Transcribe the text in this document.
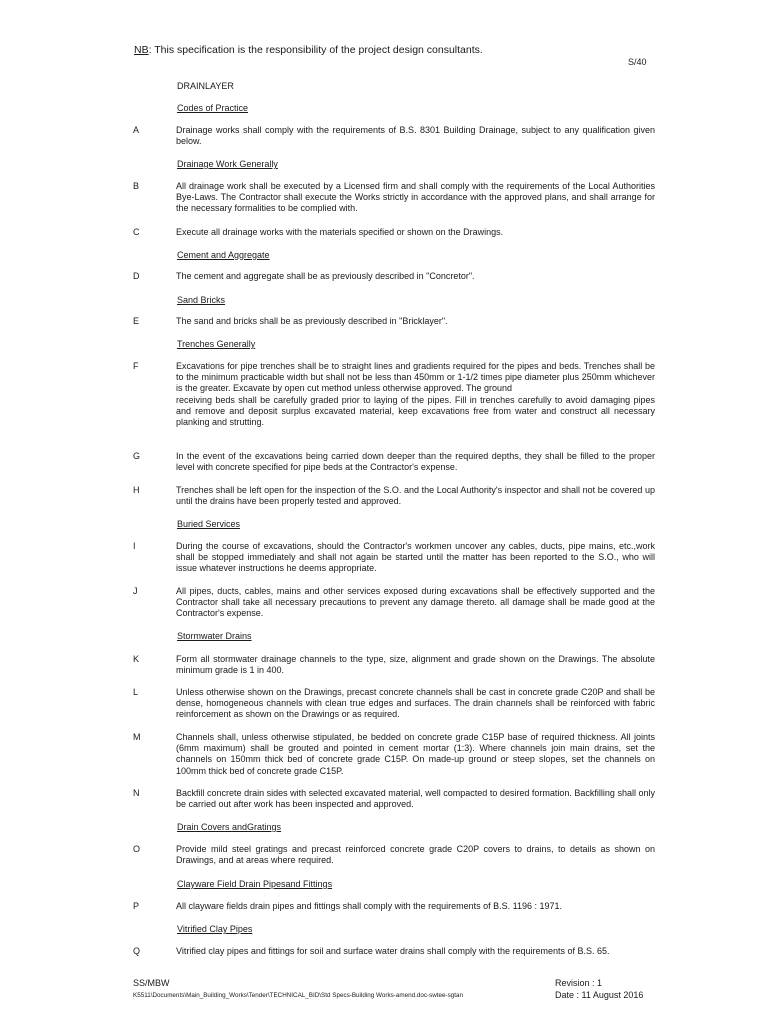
NB: This specification is the responsibility of the project design consultants.
S/40
DRAINLAYER
Codes of Practice
A	Drainage works shall comply with the requirements of B.S. 8301 Building Drainage, subject to any qualification given below.
Drainage Work Generally
B	All drainage work shall be executed by a Licensed firm and shall comply with the requirements of the Local Authorities Bye-Laws. The Contractor shall execute the Works strictly in accordance with the approved plans, and shall arrange for the necessary formalities to be complied with.
C	Execute all drainage works with the materials specified or shown on the Drawings.
Cement and Aggregate
D	The cement and aggregate shall be as previously described in "Concretor".
Sand Bricks
E	The sand and bricks shall be as previously described in "Bricklayer".
Trenches Generally
F	Excavations for pipe trenches shall be to straight lines and gradients required for the pipes and beds. Trenches shall be to the minimum practicable width but shall not be less than 450mm or 1-1/2 times pipe diameter plus 250mm whichever is the greater. Excavate by open cut method unless otherwise approved. The ground
receiving beds shall be carefully graded prior to laying of the pipes. Fill in trenches carefully to avoid damaging pipes and remove and deposit surplus excavated material, keep excavations free from water and construct all necessary planking and strutting.
G	In the event of the excavations being carried down deeper than the required depths, they shall be filled to the proper level with concrete specified for pipe beds at the Contractor's expense.
H	Trenches shall be left open for the inspection of the S.O. and the Local Authority's inspector and shall not be covered up until the drains have been properly tested and approved.
Buried Services
I	During the course of excavations, should the Contractor's workmen uncover any cables, ducts, pipe mains, etc.,work shall be stopped immediately and shall not again be started until the matter has been reported to the S.O., who will issue whatever instructions he deems appropriate.
J	All pipes, ducts, cables, mains and other services exposed during excavations shall be effectively supported and the Contractor shall take all necessary precautions to prevent any damage thereto. all damage shall be made good at the Contractor's expense.
Stormwater Drains
K	Form all stormwater drainage channels to the type, size, alignment and grade shown on the Drawings. The absolute minimum grade is 1 in 400.
L	Unless otherwise shown on the Drawings, precast concrete channels shall be cast in concrete grade C20P and shall be dense, homogeneous channels with clean true edges and surfaces. The drain channels shall be reinforced with fabric reinforcement as shown on the Drawings or as required.
M	Channels shall, unless otherwise stipulated, be bedded on concrete grade C15P base of required thickness. All joints (6mm maximum) shall be grouted and pointed in cement mortar (1:3). Where channels join main drains, set the channels on 150mm thick bed of concrete grade C15P. On made-up ground or steep slopes, set the channels on 100mm thick bed of concrete grade C15P.
N	Backfill concrete drain sides with selected excavated material, well compacted to desired formation. Backfilling shall only be carried out after work has been inspected and approved.
Drain Covers andGratings
O	Provide mild steel gratings and precast reinforced concrete grade C20P covers to drains, to details as shown on Drawings, and at areas where required.
Clayware Field Drain Pipesand Fittings
P	All clayware fields drain pipes and fittings shall comply with the requirements of B.S. 1196 : 1971.
Vitrified Clay Pipes
Q	Vitrified clay pipes and fittings for soil and surface water drains shall comply with the requirements of B.S. 65.
SS/MBW
K5511\Documents\Main_Building_Works\Tender\TECHNICAL_BID\Std Specs-Building Works-amend.doc-swtee-sgtan
Revision : 1
Date : 11 August 2016
